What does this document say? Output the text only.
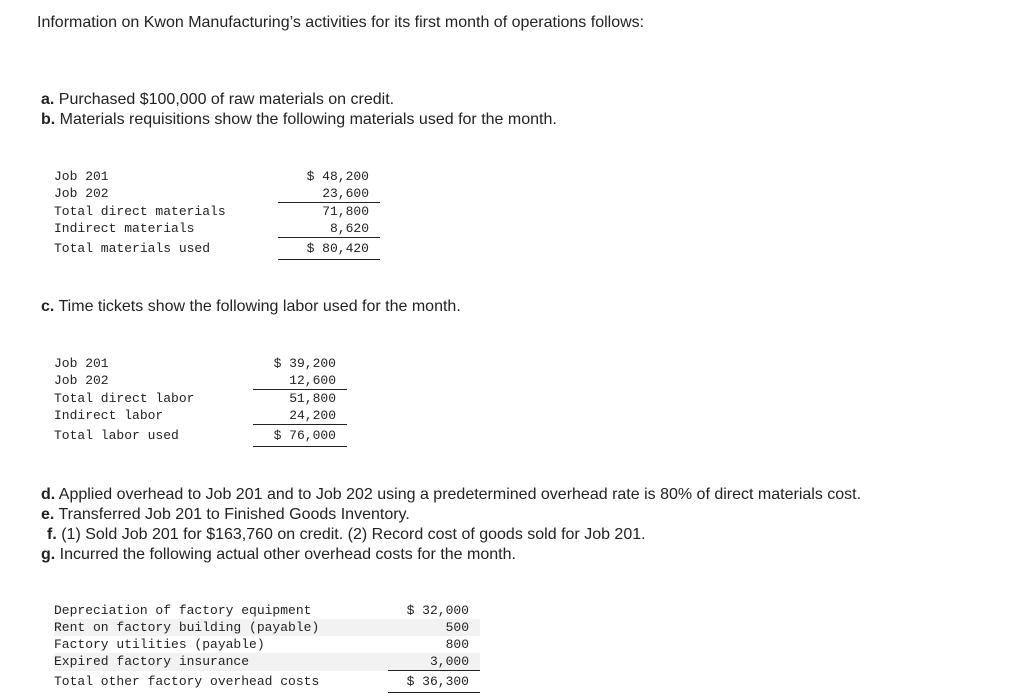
Information on Kwon Manufacturing’s activities for its first month of operations follows:
a. Purchased $100,000 of raw materials on credit.
b. Materials requisitions show the following materials used for the month.
Job 201	$ 48,200
Job 202	23,600
Total direct materials	71,800
Indirect materials	8,620
Total materials used	$ 80,420
c. Time tickets show the following labor used for the month.
Job 201	$ 39,200
Job 202	12,600
Total direct labor	51,800
Indirect labor	24,200
Total labor used	$ 76,000
d. Applied overhead to Job 201 and to Job 202 using a predetermined overhead rate is 80% of direct materials cost.
e. Transferred Job 201 to Finished Goods Inventory.
f. (1) Sold Job 201 for $163,760 on credit. (2) Record cost of goods sold for Job 201.
g. Incurred the following actual other overhead costs for the month.
Depreciation of factory equipment	$ 32,000
Rent on factory building (payable)	500
Factory utilities (payable)	800
Expired factory insurance	3,000
Total other factory overhead costs	$ 36,300
